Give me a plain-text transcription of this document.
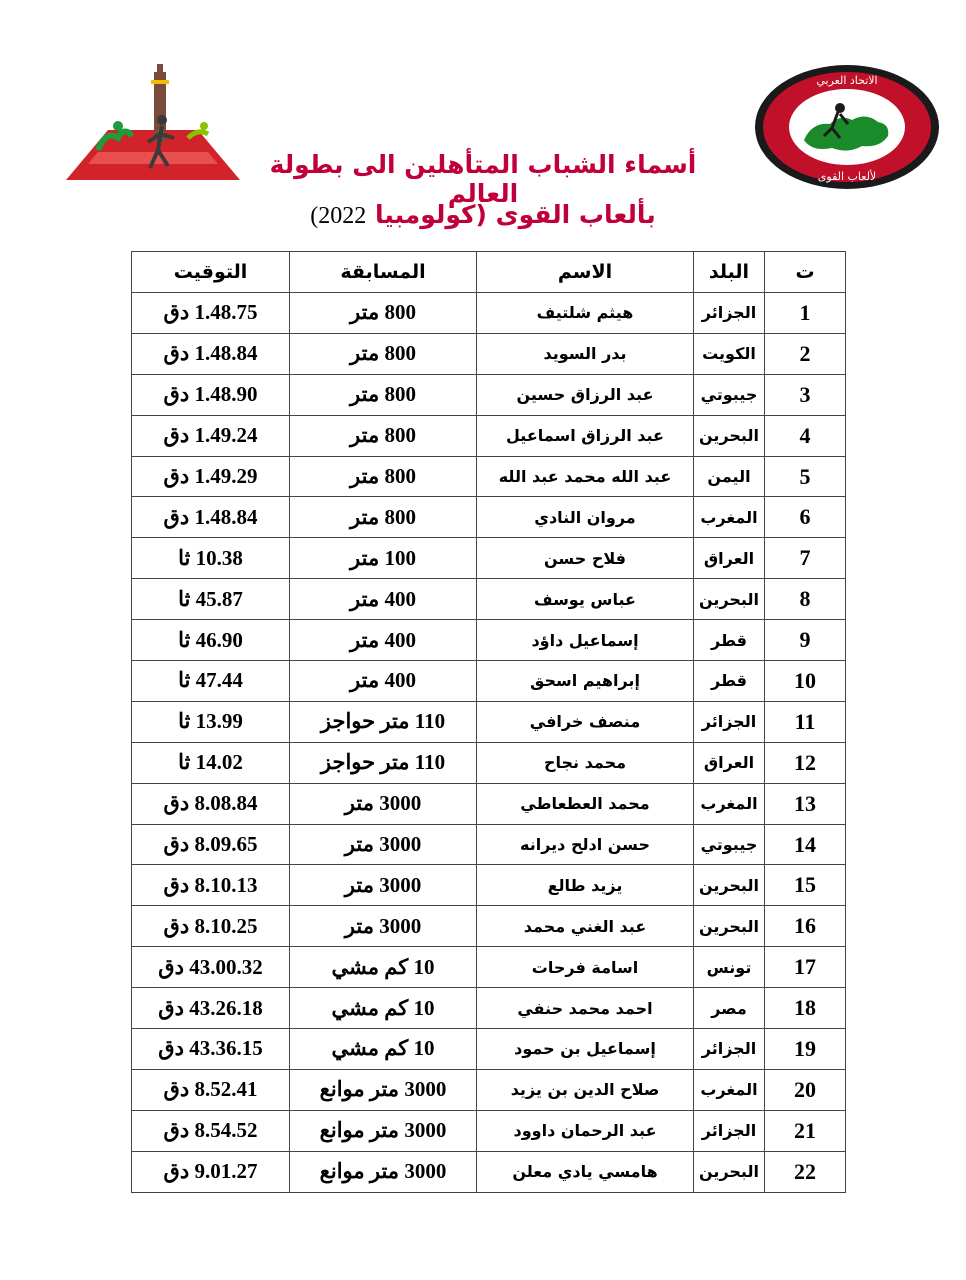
الاتحاد العربي
لألعاب القوى
أسماء الشباب المتأهلين الى بطولة العالم
بألعاب القوى (كولومبيا 2022)
ت	البلد	الاسم	المسابقة	التوقيت
1	الجزائر	هيثم شلتيف	800 متر	1.48.75 دق
2	الكويت	بدر السويد	800 متر	1.48.84 دق
3	جيبوتي	عبد الرزاق حسين	800 متر	1.48.90 دق
4	البحرين	عبد الرزاق اسماعيل	800 متر	1.49.24 دق
5	اليمن	عبد الله محمد عبد الله	800 متر	1.49.29 دق
6	المغرب	مروان النادي	800 متر	1.48.84 دق
7	العراق	فلاح حسن	100 متر	10.38 ثا
8	البحرين	عباس يوسف	400 متر	45.87 ثا
9	قطر	إسماعيل داؤد	400 متر	46.90 ثا
10	قطر	إبراهيم اسحق	400 متر	47.44 ثا
11	الجزائر	منصف خرافي	110 متر حواجز	13.99 ثا
12	العراق	محمد نجاح	110 متر حواجز	14.02 ثا
13	المغرب	محمد العطعاطي	3000 متر	8.08.84 دق
14	جيبوتي	حسن ادلح ديرانه	3000 متر	8.09.65 دق
15	البحرين	يزيد طالع	3000 متر	8.10.13 دق
16	البحرين	عبد الغني محمد	3000 متر	8.10.25 دق
17	تونس	اسامة فرحات	10 كم مشي	43.00.32 دق
18	مصر	احمد محمد حنفي	10 كم مشي	43.26.18 دق
19	الجزائر	إسماعيل بن حمود	10 كم مشي	43.36.15 دق
20	المغرب	صلاح الدين بن يزيد	3000 متر موانع	8.52.41 دق
21	الجزائر	عبد الرحمان داوود	3000 متر موانع	8.54.52 دق
22	البحرين	هامسي يادي معلن	3000 متر موانع	9.01.27 دق
